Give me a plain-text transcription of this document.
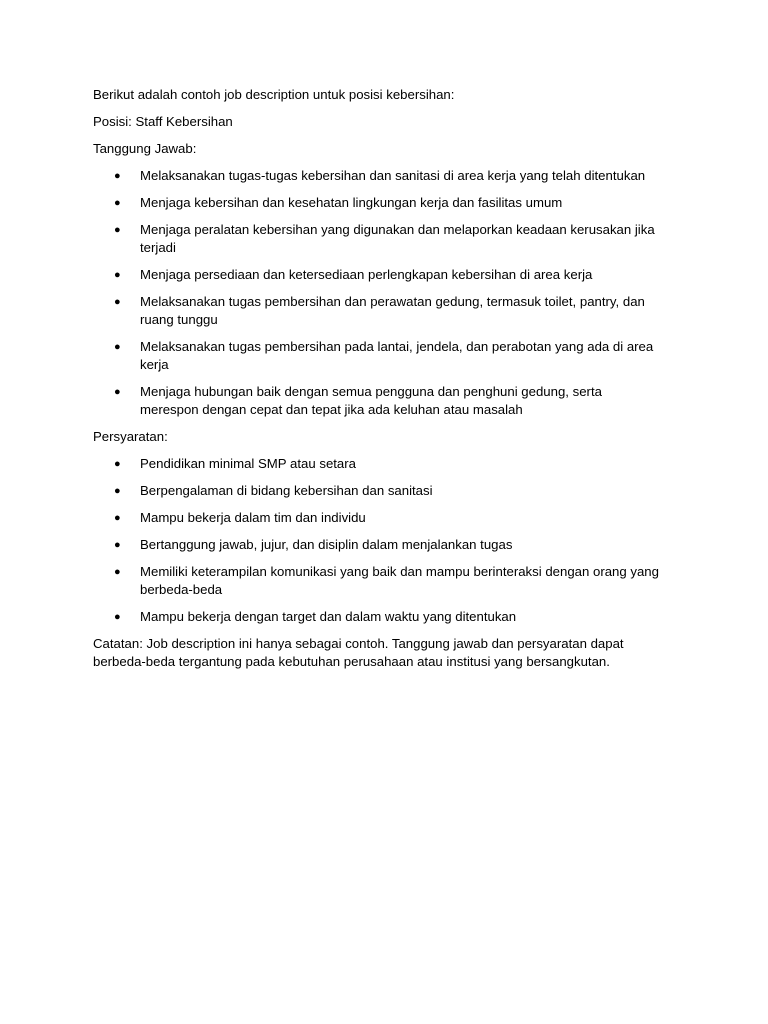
Berikut adalah contoh job description untuk posisi kebersihan:

Posisi: Staff Kebersihan

Tanggung Jawab:

● Melaksanakan tugas-tugas kebersihan dan sanitasi di area kerja yang telah ditentukan
● Menjaga kebersihan dan kesehatan lingkungan kerja dan fasilitas umum
● Menjaga peralatan kebersihan yang digunakan dan melaporkan keadaan kerusakan jika terjadi
● Menjaga persediaan dan ketersediaan perlengkapan kebersihan di area kerja
● Melaksanakan tugas pembersihan dan perawatan gedung, termasuk toilet, pantry, dan ruang tunggu
● Melaksanakan tugas pembersihan pada lantai, jendela, dan perabotan yang ada di area kerja
● Menjaga hubungan baik dengan semua pengguna dan penghuni gedung, serta merespon dengan cepat dan tepat jika ada keluhan atau masalah

Persyaratan:

● Pendidikan minimal SMP atau setara
● Berpengalaman di bidang kebersihan dan sanitasi
● Mampu bekerja dalam tim dan individu
● Bertanggung jawab, jujur, dan disiplin dalam menjalankan tugas
● Memiliki keterampilan komunikasi yang baik dan mampu berinteraksi dengan orang yang berbeda-beda
● Mampu bekerja dengan target dan dalam waktu yang ditentukan

Catatan: Job description ini hanya sebagai contoh. Tanggung jawab dan persyaratan dapat berbeda-beda tergantung pada kebutuhan perusahaan atau institusi yang bersangkutan.
